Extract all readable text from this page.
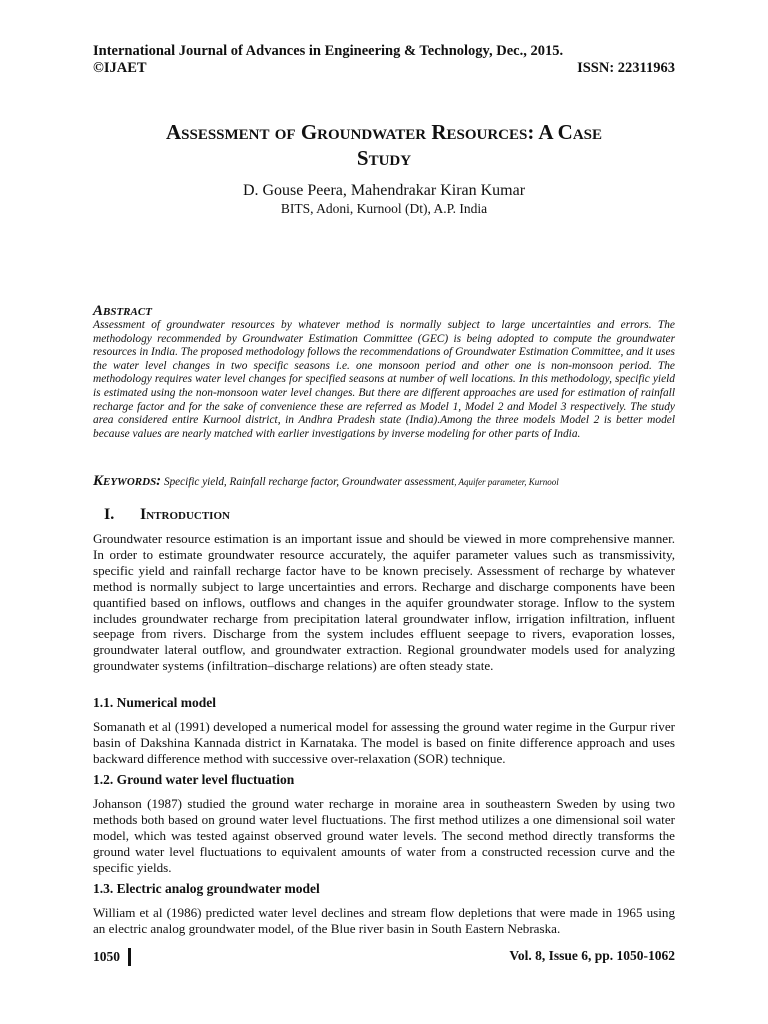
International Journal of Advances in Engineering & Technology, Dec., 2015.
©IJAET	ISSN: 22311963
Assessment of Groundwater Resources: A Case
Study
D. Gouse Peera, Mahendrakar Kiran Kumar
BITS, Adoni, Kurnool (Dt), A.P. India
Abstract
Assessment of groundwater resources by whatever method is normally subject to large uncertainties and errors. The methodology recommended by Groundwater Estimation Committee (GEC) is being adopted to compute the groundwater resources in India. The proposed methodology follows the recommendations of Groundwater Estimation Committee, and it uses the water level changes in two specific seasons i.e. one monsoon period and other one is non-monsoon period. The methodology requires water level changes for specified seasons at number of well locations. In this methodology, specific yield is estimated using the non-monsoon water level changes. But there are different approaches are used for estimation of rainfall recharge factor and for the sake of convenience these are referred as Model 1, Model 2 and Model 3 respectively. The study area considered entire Kurnool district, in Andhra Pradesh state (India).Among the three models Model 2 is better model because values are nearly matched with earlier investigations by inverse modeling for other parts of India.
Keywords: Specific yield, Rainfall recharge factor, Groundwater assessment, Aquifer parameter, Kurnool
I. Introduction
Groundwater resource estimation is an important issue and should be viewed in more comprehensive manner. In order to estimate groundwater resource accurately, the aquifer parameter values such as transmissivity, specific yield and rainfall recharge factor have to be known precisely. Assessment of recharge by whatever method is normally subject to large uncertainties and errors. Recharge and discharge components have been quantified based on inflows, outflows and changes in the aquifer groundwater storage. Inflow to the system includes groundwater recharge from precipitation lateral groundwater inflow, irrigation infiltration, influent seepage from rivers. Discharge from the system includes effluent seepage to rivers, evaporation losses, groundwater lateral outflow, and groundwater extraction. Regional groundwater models used for analyzing groundwater systems (infiltration–discharge relations) are often steady state.
1.1. Numerical model
Somanath et al (1991) developed a numerical model for assessing the ground water regime in the Gurpur river basin of Dakshina Kannada district in Karnataka. The model is based on finite difference approach and uses backward difference method with successive over-relaxation (SOR) technique.
1.2. Ground water level fluctuation
Johanson (1987) studied the ground water recharge in moraine area in southeastern Sweden by using two methods both based on ground water level fluctuations. The first method utilizes a one dimensional soil water model, which was tested against observed ground water levels. The second method directly transforms the ground water level fluctuations to equivalent amounts of water from a constructed recession curve and the specific yields.
1.3. Electric analog groundwater model
William et al (1986) predicted water level declines and stream flow depletions that were made in 1965 using an electric analog groundwater model, of the Blue river basin in South Eastern Nebraska.
1050	Vol. 8, Issue 6, pp. 1050-1062
